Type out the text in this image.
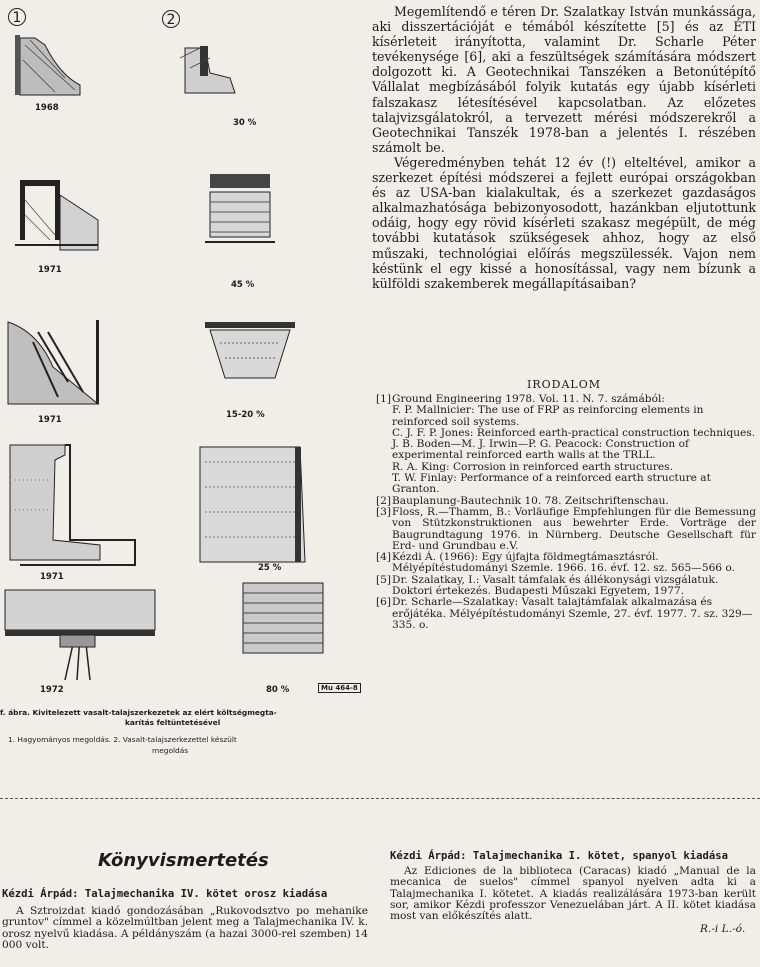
1	2
1968
30 %
1971
45 %
1971	15-20 %
1971
25 %
1972	80 %	Mu 464-8
f. ábra. Kivitelezett vasalt-talajszerkezetek az elért költségmegta-
karítás feltüntetésével
1. Hagyományos megoldás. 2. Vasalt-talajszerkezettel készült
megoldás

Megemlítendő e téren Dr. Szalatkay István munkássága, aki disszertációját e témából készítette [5] és az ÉTI kísérleteit irányította, valamint Dr. Scharle Péter tevékenysége [6], aki a feszültségek számítására módszert dolgozott ki. A Geotechnikai Tanszéken a Betonútépítő Vállalat megbízásából folyik kutatás egy újabb kísérleti falszakasz létesítésével kapcsolatban. Az előzetes talajvizsgálatokról, a tervezett mérési módszerekről a Geotechnikai Tanszék 1978-ban a jelentés I. részében számolt be.

Végeredményben tehát 12 év (!) elteltével, amikor a szerkezet építési módszerei a fejlett európai országokban és az USA-ban kialakultak, és a szerkezet gazdaságos alkalmazhatósága bebizonyosodott, hazánkban eljutottunk odáig, hogy egy rövid kísérleti szakasz megépült, de még további kutatások szükségesek ahhoz, hogy az első műszaki, technológiai előírás megszülessék. Vajon nem késtünk el egy kissé a honosítással, vagy nem bízunk a külföldi szakemberek megállapításaiban?

IRODALOM
[1]Ground Engineering 1978. Vol. 11. N. 7. számából:
F. P. Mallnicier: The use of FRP as reinforcing elements in reinforced soil systems.
C. J. F. P. Jones: Reinforced earth-practical construction techniques.
J. B. Boden—M. J. Irwin—P. G. Peacock: Construction of experimental reinforced earth walls at the TRLL.
R. A. King: Corrosion in reinforced earth structures.
T. W. Finlay: Performance of a reinforced earth structure at Granton.
[2]Bauplanung-Bautechnik 10. 78. Zeitschriftenschau.
[3] Floss, R.—Thamm, B.: Vorläufige Empfehlungen für die Bemessung von Stützkonstruktionen aus bewehrter Erde. Vorträge der Baugrundtagung 1976. in Nürnberg. Deutsche Gesellschaft für Erd- und Grundbau e.V.
[4] Kézdi Á. (1966): Egy újfajta földmegtámasztásról. Mélyépítéstudományi Szemle. 1966. 16. évf. 12. sz. 565—566 o.
[5] Dr. Szalatkay, I.: Vasalt támfalak és állékonysági vizsgálatuk. Doktori értekezés. Budapesti Műszaki Egyetem, 1977.
[6] Dr. Scharle—Szalatkay: Vasalt talajtámfalak alkalmazása és erőjátéka. Mélyépítéstudományi Szemle, 27. évf. 1977. 7. sz. 329—335. o.
Könyvismertetés
Kézdi Árpád: Talajmechanika IV. kötet orosz kiadása
A Sztroizdat kiadó gondozásában „Rukovodsztvo po mehanike gruntov" címmel a közelmúltban jelent meg a Talajmechanika IV. k. orosz nyelvű kiadása. A példányszám (a hazai 3000-rel szemben) 14 000 volt.
Kézdi Árpád: Talajmechanika I. kötet, spanyol kiadása
Az Ediciones de la biblioteca (Caracas) kiadó „Manual de la mecanica de suelos" címmel spanyol nyelven adta ki a Talajmechanika I. kötetet. A kiadás realizálására 1973-ban került sor, amikor Kézdi professzor Venezuelában járt. A II. kötet kiadása most van előkészítés alatt.
R.-i L.-ó.
